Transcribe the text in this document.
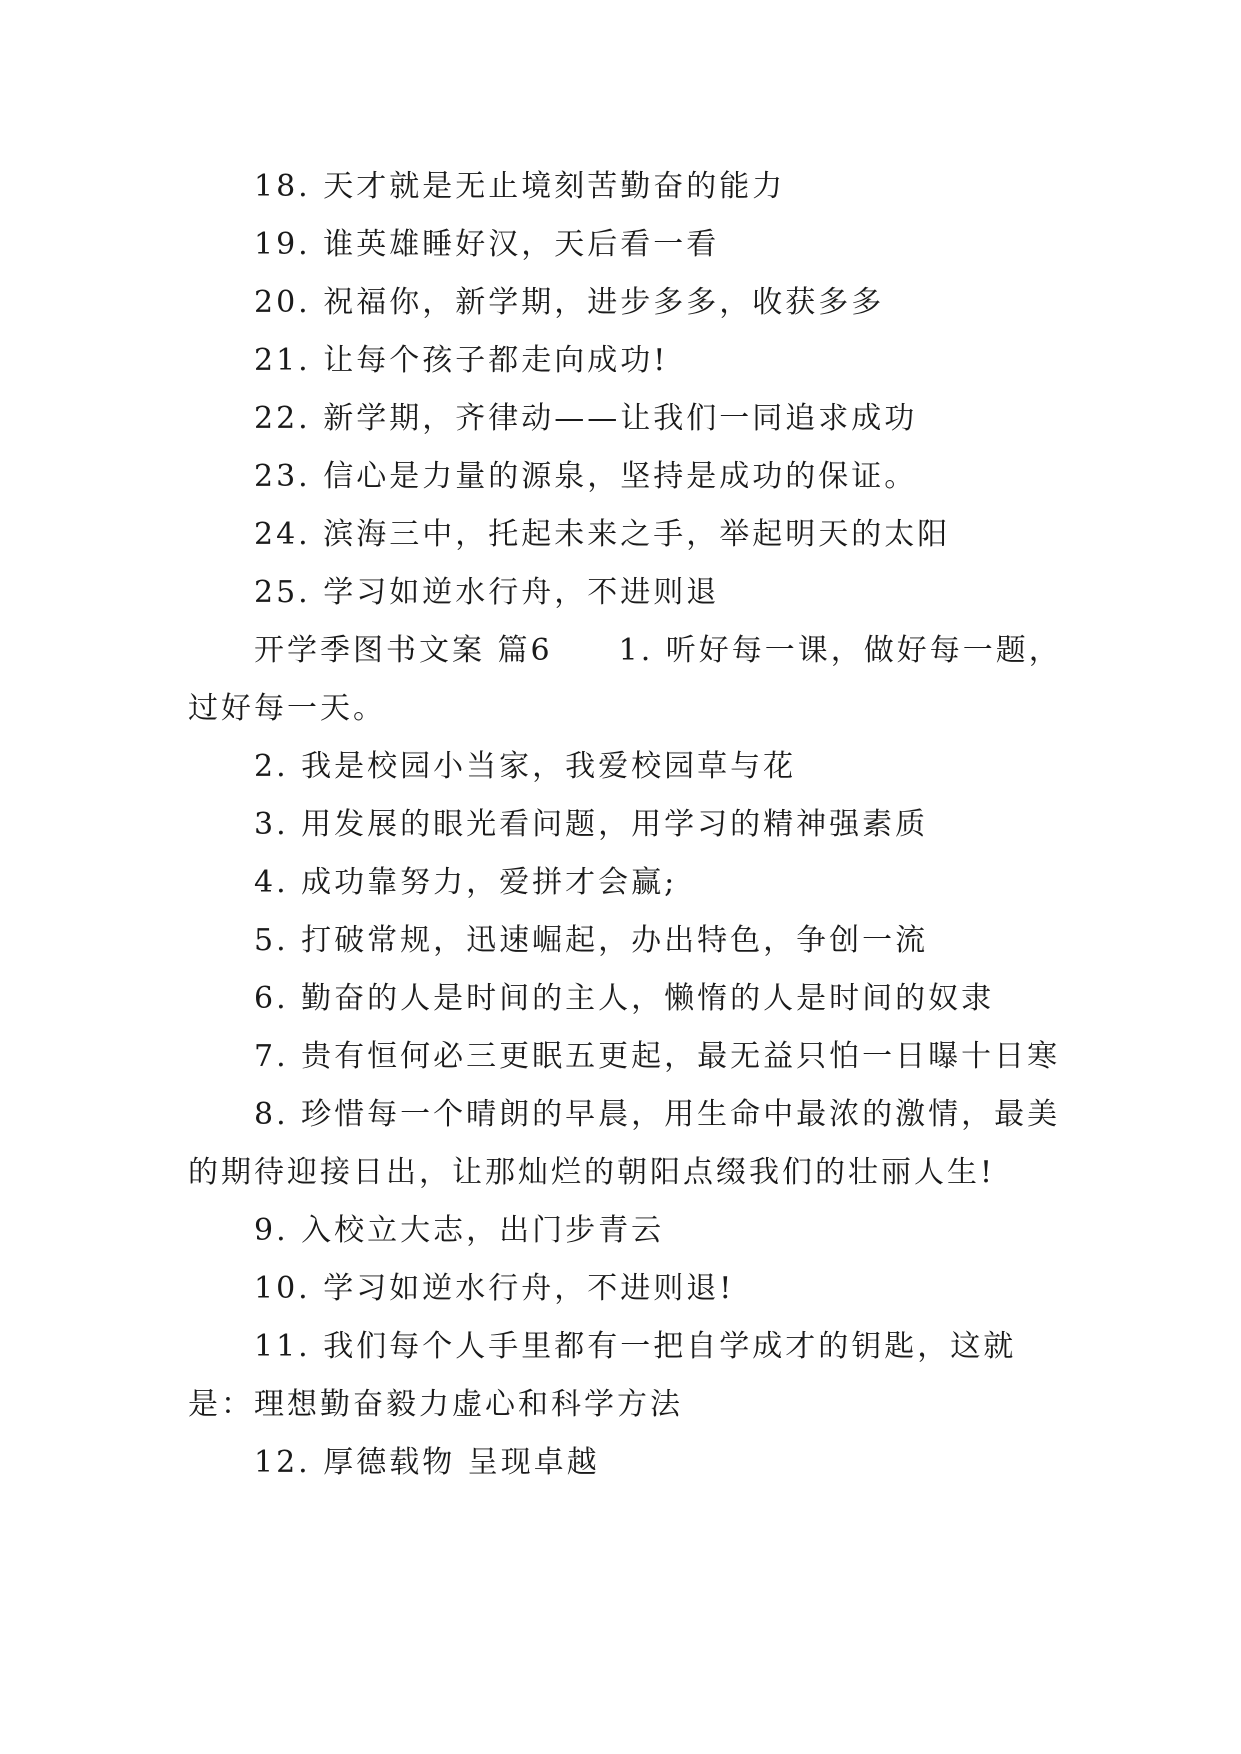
18. 天才就是无止境刻苦勤奋的能力

19. 谁英雄睡好汉，天后看一看

20. 祝福你，新学期，进步多多，收获多多

21. 让每个孩子都走向成功!

22. 新学期，齐律动——让我们一同追求成功

23. 信心是力量的源泉，坚持是成功的保证。

24. 滨海三中，托起未来之手，举起明天的太阳

25. 学习如逆水行舟，不进则退

开学季图书文案 篇6　　1. 听好每一课，做好每一题，过好每一天。

2. 我是校园小当家，我爱校园草与花

3. 用发展的眼光看问题，用学习的精神强素质

4. 成功靠努力，爱拼才会赢;

5. 打破常规，迅速崛起，办出特色，争创一流

6. 勤奋的人是时间的主人，懒惰的人是时间的奴隶

7. 贵有恒何必三更眠五更起，最无益只怕一日曝十日寒

8. 珍惜每一个晴朗的早晨，用生命中最浓的激情，最美的期待迎接日出，让那灿烂的朝阳点缀我们的壮丽人生!

9. 入校立大志，出门步青云

10. 学习如逆水行舟，不进则退!

11. 我们每个人手里都有一把自学成才的钥匙，这就是：理想勤奋毅力虚心和科学方法

12. 厚德载物 呈现卓越
